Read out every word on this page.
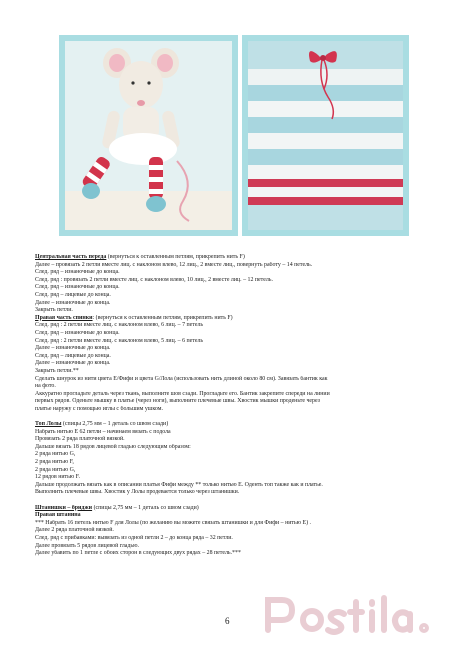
Центральная часть переда (вернуться к оставленным петлям, прикрепить нить F)
Далее – провязать 2 петли вместе лиц. с наклоном влево, 12 лиц., 2 вместе лиц., повернуть работу – 14 петель.
След. ряд – изнаночные до конца.
След. ряд : провязать 2 петли вместе лиц. с наклоном влево, 10 лиц., 2 вместе лиц. – 12 петель.
След. ряд – изнаночные до конца.
След. ряд – лицевые до конца.
Далее – изнаночные до конца.
Закрыть петли.
Правая часть спинки: (вернуться к оставленным петлям, прикрепить нить F)
След. ряд : 2 петли вместе лиц. с наклоном влево, 6 лиц. – 7 петель
След. ряд – изнаночные до конца.
След. ряд : 2 петли вместе лиц. с наклоном влево, 5 лиц. – 6 петель
Далее – изнаночные до конца.
След. ряд – лицевые до конца.
Далее – изнаночные до конца.
Закрыть петли.**
Сделать шнурок из нити цвета E/Фифи и цвета G/Лола (использовать нить длиной около 80 см). Завязать бантик как
на фото.
Аккуратно прогладьте деталь через ткань, выполните шов сзади. Прогладьте его. Бантик закрепите спереди на линии
первых рядов. Оденьте мышку в платье (через ноги), выполните плечевые швы. Хвостик мышки проденьте через
платье наружу с помощью иглы с большим ушком.

Топ Лолы (спицы 2,75 мм – 1 деталь со швом сзади)
Набрать нитью E 62 петли – начинаем вязать с подола
Провязать 2 ряда платочной вязкой.
Дальше вязать 18 рядов лицевой гладью следующим образом:
2 ряда нитью G,
2 ряда нитью F,
2 ряда нитью G,
12 рядов нитью F.
Дальше продолжать вязать как в описании платья Фифи между ** только нитью E. Оденть топ также как и платье.
Выполнить плечевые швы. Хвостик у Лолы продевается только через штанишки.

Штанишки – бриджи (спицы 2,75 мм – 1 деталь со швом сзади)
Правая штанина
*** Набрать 16 петель нитью F для Лолы (по желанию вы можете связать штанишки и для Фифи – нитью E) .
Далее 2 ряда платочной вязкой.
След. ряд с прибавками: вывязать из одной петли 2 – до конца ряда – 32 петли.
Далее провязать 5 рядов лицевой гладью.
Далее убавить по 1 петле с обоих сторон в следующих двух рядах – 28 петель.***
6
